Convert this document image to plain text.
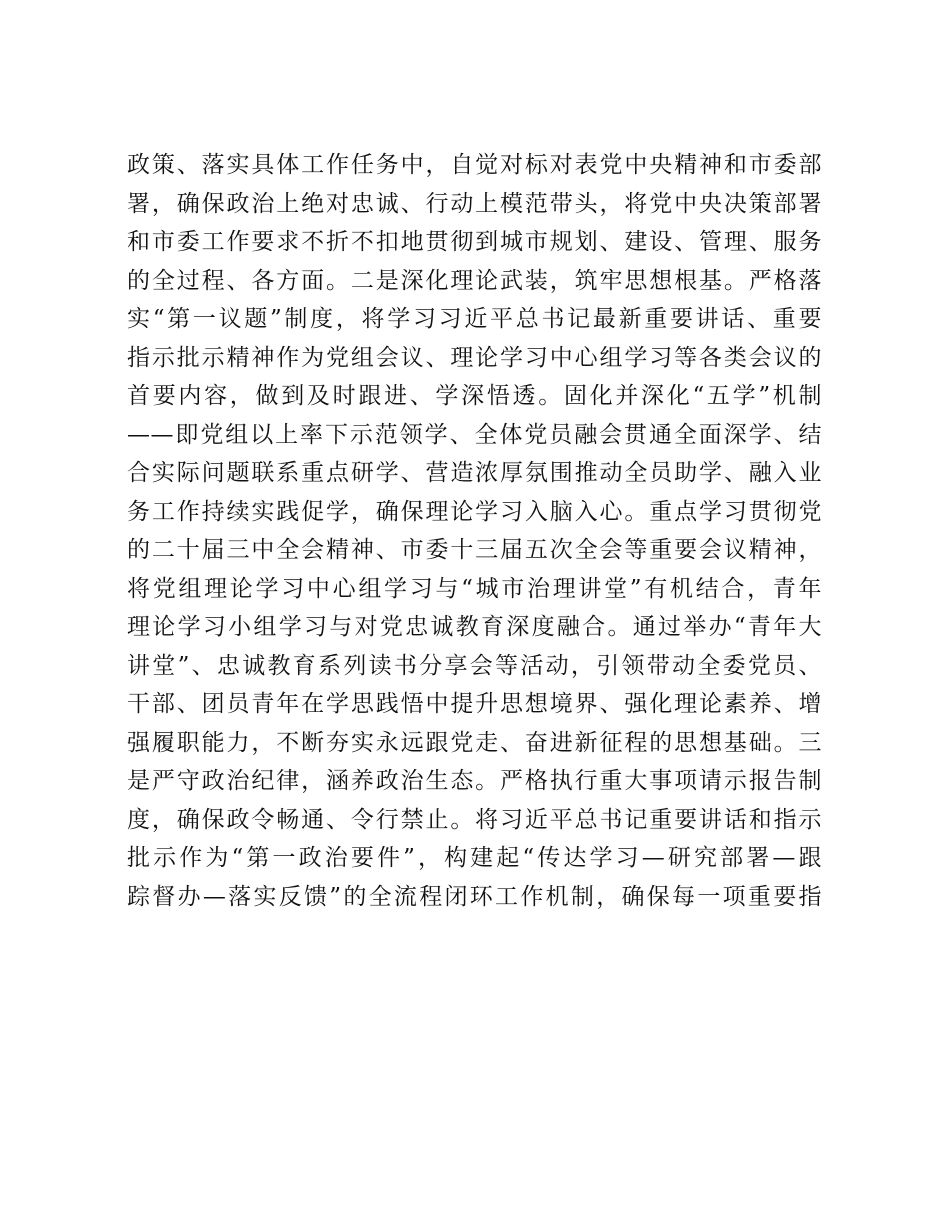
政策、落实具体工作任务中，自觉对标对表党中央精神和市委部
署，确保政治上绝对忠诚、行动上模范带头，将党中央决策部署
和市委工作要求不折不扣地贯彻到城市规划、建设、管理、服务
的全过程、各方面。二是深化理论武装，筑牢思想根基。严格落
实“第一议题”制度，将学习习近平总书记最新重要讲话、重要
指示批示精神作为党组会议、理论学习中心组学习等各类会议的
首要内容，做到及时跟进、学深悟透。固化并深化“五学”机制
——即党组以上率下示范领学、全体党员融会贯通全面深学、结
合实际问题联系重点研学、营造浓厚氛围推动全员助学、融入业
务工作持续实践促学，确保理论学习入脑入心。重点学习贯彻党
的二十届三中全会精神、市委十三届五次全会等重要会议精神，
将党组理论学习中心组学习与“城市治理讲堂”有机结合，青年
理论学习小组学习与对党忠诚教育深度融合。通过举办“青年大
讲堂”、忠诚教育系列读书分享会等活动，引领带动全委党员、
干部、团员青年在学思践悟中提升思想境界、强化理论素养、增
强履职能力，不断夯实永远跟党走、奋进新征程的思想基础。三
是严守政治纪律，涵养政治生态。严格执行重大事项请示报告制
度，确保政令畅通、令行禁止。将习近平总书记重要讲话和指示
批示作为“第一政治要件”，构建起“传达学习—研究部署—跟
踪督办—落实反馈”的全流程闭环工作机制，确保每一项重要指
